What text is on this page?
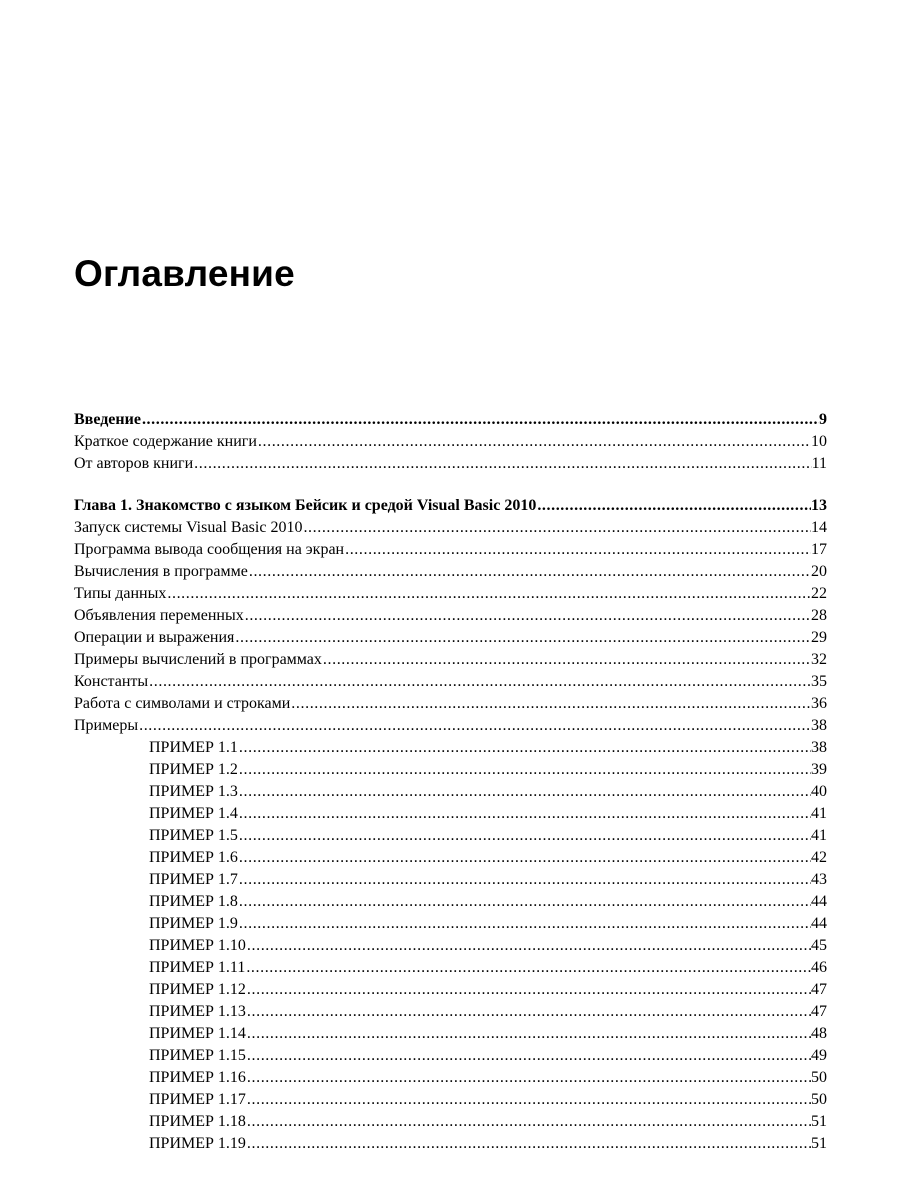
Оглавление
Введение .....	9
Краткое содержание книги .....	10
От авторов книги .....	11
Глава 1. Знакомство с языком Бейсик и средой Visual Basic 2010 .....	13
Запуск системы Visual Basic 2010 .....	14
Программа вывода сообщения на экран .....	17
Вычисления в программе .....	20
Типы данных .....	22
Объявления переменных .....	28
Операции и выражения .....	29
Примеры вычислений в программах .....	32
Константы .....	35
Работа с символами и строками .....	36
Примеры .....	38
ПРИМЕР 1.1 .....	38
ПРИМЕР 1.2 .....	39
ПРИМЕР 1.3 .....	40
ПРИМЕР 1.4 .....	41
ПРИМЕР 1.5 .....	41
ПРИМЕР 1.6 .....	42
ПРИМЕР 1.7 .....	43
ПРИМЕР 1.8 .....	44
ПРИМЕР 1.9 .....	44
ПРИМЕР 1.10 .....	45
ПРИМЕР 1.11 .....	46
ПРИМЕР 1.12 .....	47
ПРИМЕР 1.13 .....	47
ПРИМЕР 1.14 .....	48
ПРИМЕР 1.15 .....	49
ПРИМЕР 1.16 .....	50
ПРИМЕР 1.17 .....	50
ПРИМЕР 1.18 .....	51
ПРИМЕР 1.19 .....	51
